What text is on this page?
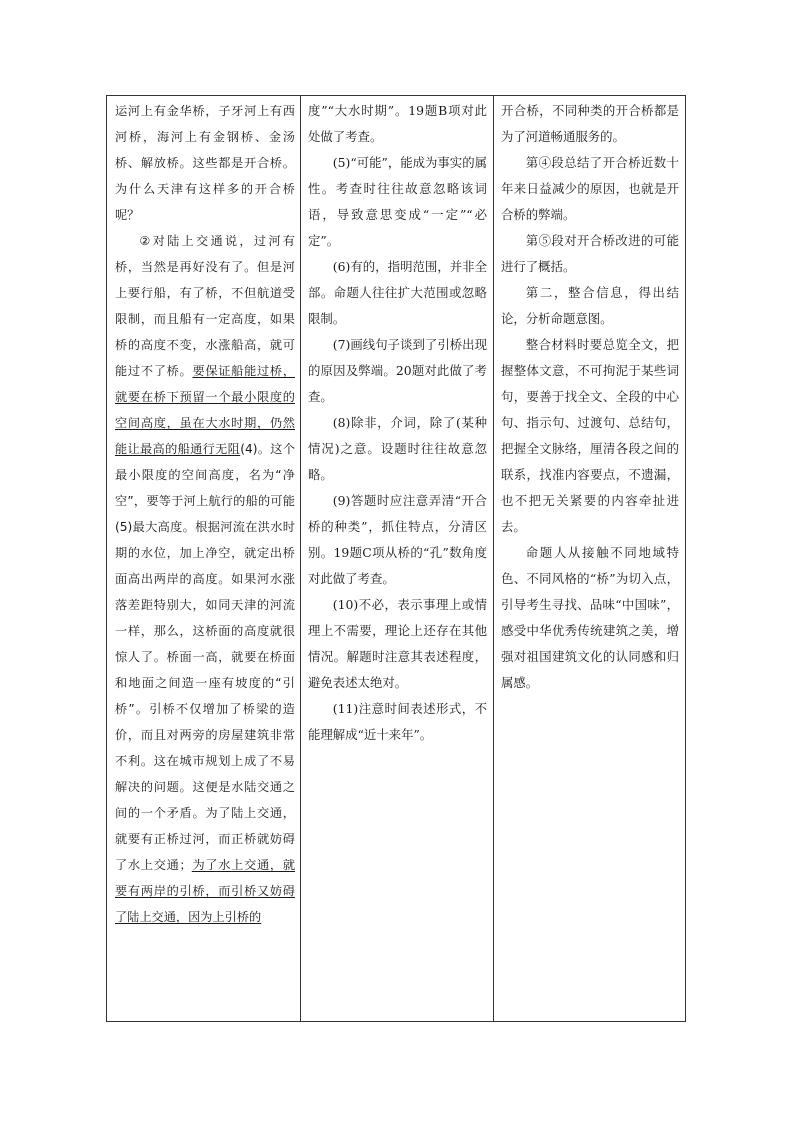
运河上有金华桥，子牙河上有西河桥，海河上有金钢桥、金汤桥、解放桥。这些都是开合桥。为什么天津有这样多的开合桥呢？

②对陆上交通说，过河有桥，当然是再好没有了。但是河上要行船，有了桥，不但航道受限制，而且船有一定高度，如果桥的高度不变，水涨船高，就可能过不了桥。要保证船能过桥，就要在桥下预留一个最小限度的空间高度，虽在大水时期，仍然能让最高的船通行无阻(4)。这个最小限度的空间高度，名为“净空”，要等于河上航行的船的可能(5)最大高度。根据河流在洪水时期的水位，加上净空，就定出桥面高出两岸的高度。如果河水涨落差距特别大，如同天津的河流一样，那么，这桥面的高度就很惊人了。桥面一高，就要在桥面和地面之间造一座有坡度的“引桥”。引桥不仅增加了桥梁的造价，而且对两旁的房屋建筑非常不利。这在城市规划上成了不易解决的问题。这便是水陆交通之间的一个矛盾。为了陆上交通，就要有正桥过河，而正桥就妨碍了水上交通；为了水上交通，就要有两岸的引桥，而引桥又妨碍了陆上交通，因为上引桥的

度”“大水时期”。19题B项对此处做了考查。

(5)“可能”，能成为事实的属性。考查时往往故意忽略该词语，导致意思变成“一定”“必定”。

(6)有的，指明范围，并非全部。命题人往往扩大范围或忽略限制。

(7)画线句子谈到了引桥出现的原因及弊端。20题对此做了考查。

(8)除非，介词，除了(某种情况)之意。设题时往往故意忽略。

(9)答题时应注意弄清“开合桥的种类”，抓住特点，分清区别。19题C项从桥的“孔”数角度对此做了考查。

(10)不必，表示事理上或情理上不需要，理论上还存在其他情况。解题时注意其表述程度，避免表述太绝对。

(11)注意时间表述形式，不能理解成“近十来年”。

开合桥，不同种类的开合桥都是为了河道畅通服务的。

第④段总结了开合桥近数十年来日益减少的原因，也就是开合桥的弊端。

第⑤段对开合桥改进的可能进行了概括。

第二，整合信息，得出结论，分析命题意图。

整合材料时要总览全文，把握整体文意，不可拘泥于某些词句，要善于找全文、全段的中心句、指示句、过渡句、总结句，把握全文脉络，厘清各段之间的联系，找准内容要点，不遗漏，也不把无关紧要的内容牵扯进去。

命题人从接触不同地域特色、不同风格的“桥”为切入点，引导考生寻找、品味“中国味”，感受中华优秀传统建筑之美，增强对祖国建筑文化的认同感和归属感。
